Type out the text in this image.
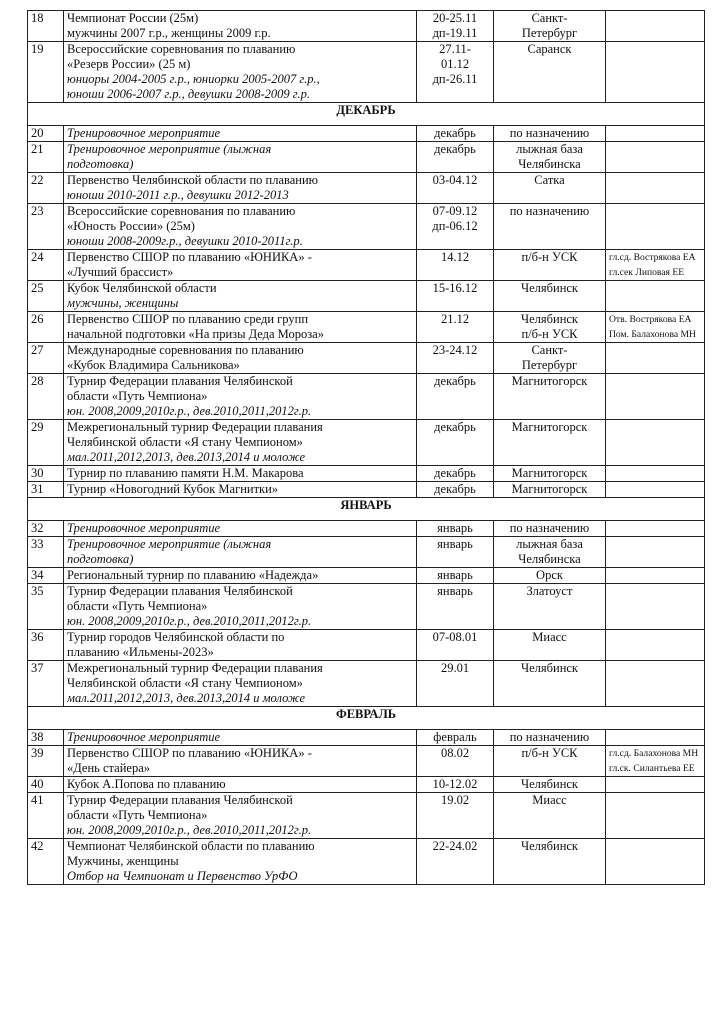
18	Чемпионат России (25м)
мужчины 2007 г.р., женщины 2009 г.р.	20-25.11
дп-19.11	Санкт-
Петербург	

19	Всероссийские соревнования по плаванию
«Резерв России» (25 м)
юниоры 2004-2005 г.р., юниорки 2005-2007 г.р.,
юноши 2006-2007 г.р., девушки 2008-2009 г.р.	27.11-
01.12
дп-26.11	Саранск	

ДЕКАБРЬ				
20	Тренировочное мероприятие	декабрь	по назначению	

21	Тренировочное мероприятие (лыжная
подготовка)	декабрь	лыжная база
Челябинска	

22	Первенство Челябинской области по плаванию
юноши 2010-2011 г.р., девушки 2012-2013	03-04.12	Сатка	

23	Всероссийские соревнования по плаванию
«Юность России» (25м)
юноши 2008-2009г.р., девушки 2010-2011г.р.	07-09.12
дп-06.12	по назначению	

24	Первенство СШОР по плаванию «ЮНИКА» -
«Лучший брассист»	14.12	п/б-н УСК	гл.сд. Вострякова ЕА
гл.сек Липовая ЕЕ

25	Кубок Челябинской области
мужчины, женщины	15-16.12	Челябинск	

26	Первенство СШОР по плаванию среди групп
начальной подготовки «На призы Деда Мороза»	21.12	Челябинск
п/б-н УСК	Отв. Вострякова ЕА
Пом. Балахонова МН

27	Международные соревнования по плаванию
«Кубок Владимира Сальникова»	23-24.12	Санкт-
Петербург	

28	Турнир Федерации плавания Челябинской
области «Путь Чемпиона»
юн. 2008,2009,2010г.р., дев.2010,2011,2012г.р.	декабрь	Магнитогорск	

29	Межрегиональный турнир Федерации плавания
Челябинской области «Я стану Чемпионом»
мал.2011,2012,2013, дев.2013,2014 и моложе	декабрь	Магнитогорск	

30	Турнир по плаванию памяти Н.М. Макарова	декабрь	Магнитогорск	

31	Турнир «Новогодний Кубок Магнитки»	декабрь	Магнитогорск	

ЯНВАРЬ				
32	Тренировочное мероприятие	январь	по назначению	

33	Тренировочное мероприятие (лыжная
подготовка)	январь	лыжная база
Челябинска	

34	Региональный турнир по плаванию «Надежда»	январь	Орск	

35	Турнир Федерации плавания Челябинской
области «Путь Чемпиона»
юн. 2008,2009,2010г.р., дев.2010,2011,2012г.р.	январь	Златоуст	

36	Турнир городов Челябинской области по
плаванию «Ильмены-2023»	07-08.01	Миасс	

37	Межрегиональный турнир Федерации плавания
Челябинской области «Я стану Чемпионом»
мал.2011,2012,2013, дев.2013,2014 и моложе	29.01	Челябинск	

ФЕВРАЛЬ				
38	Тренировочное мероприятие	февраль	по назначению	

39	Первенство СШОР по плаванию «ЮНИКА» -
«День стайера»	08.02	п/б-н УСК	гл.сд. Балахонова МН
гл.ск. Силантьева ЕЕ

40	Кубок А.Попова по плаванию	10-12.02	Челябинск	

41	Турнир Федерации плавания Челябинской
области «Путь Чемпиона»
юн. 2008,2009,2010г.р., дев.2010,2011,2012г.р.	19.02	Миасс	

42	Чемпионат Челябинской области по плаванию
Мужчины, женщины
Отбор на Чемпионат и Первенство УрФО	22-24.02	Челябинск	
